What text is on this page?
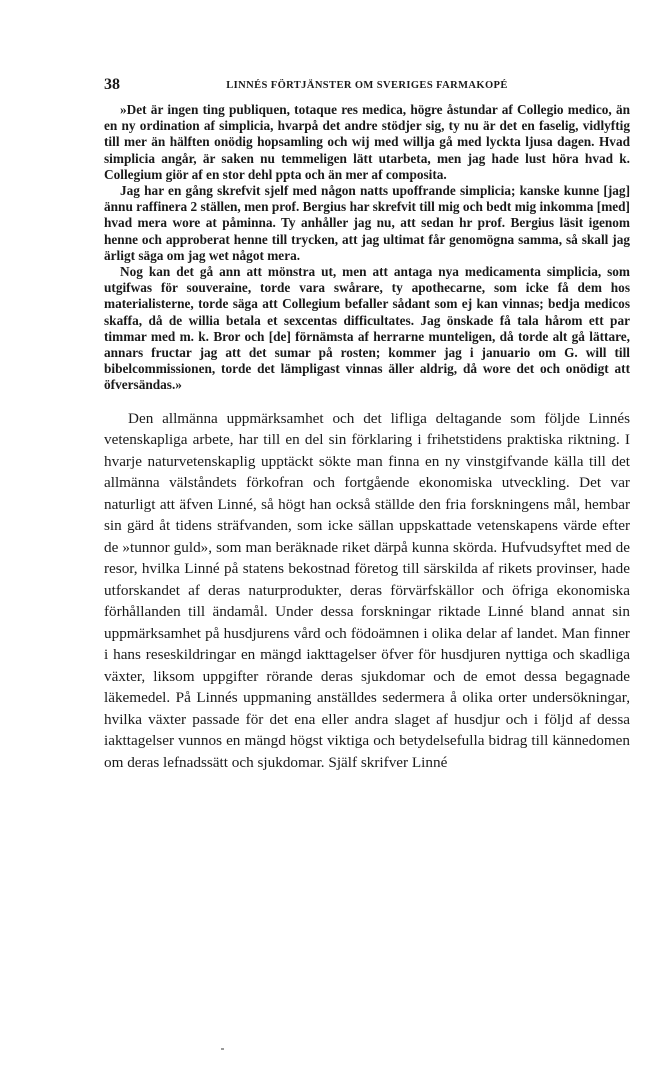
38	LINNÉS FÖRTJÄNSTER OM SVERIGES FARMAKOPÉ

»Det är ingen ting publiquen, totaque res medica, högre åstundar af Collegio medico, än en ny ordination af simplicia, hvarpå det andre stödjer sig, ty nu är det en faselig, vidlyftig till mer än hälften onödig hopsamling och wij med willja gå med lyckta ljusa dagen. Hvad simplicia angår, är saken nu temmeligen lätt utarbeta, men jag hade lust höra hvad k. Collegium giör af en stor dehl ppta och än mer af composita.

Jag har en gång skrefvit sjelf med någon natts upoffrande simplicia; kanske kunne [jag] ännu raffinera 2 ställen, men prof. Bergius har skrefvit till mig och bedt mig inkomma [med] hvad mera wore at påminna. Ty anhåller jag nu, att sedan hr prof. Bergius läsit igenom henne och approberat henne till trycken, att jag ultimat får genomögna samma, så skall jag ärligt säga om jag wet något mera.

Nog kan det gå ann att mönstra ut, men att antaga nya medicamenta simplicia, som utgifwas för souveraine, torde vara swårare, ty apothecarne, som icke få dem hos materialisterne, torde säga att Collegium befaller sådant som ej kan vinnas; bedja medicos skaffa, då de willia betala et sexcentas difficultates. Jag önskade få tala hårom ett par timmar med m. k. Bror och [de] förnämsta af herrarne munteligen, då torde alt gå lättare, annars fructar jag att det sumar på rosten; kommer jag i januario om G. will till bibelcommissionen, torde det lämpligast vinnas äller aldrig, då wore det och onödigt att öfversändas.»

Den allmänna uppmärksamhet och det lifliga deltagande som följde Linnés vetenskapliga arbete, har till en del sin förklaring i frihetstidens praktiska riktning. I hvarje naturvetenskaplig upptäckt sökte man finna en ny vinstgifvande källa till det allmänna välståndets förkofran och fortgående ekonomiska utveckling. Det var naturligt att äfven Linné, så högt han också ställde den fria forskningens mål, hembar sin gärd åt tidens sträfvanden, som icke sällan uppskattade vetenskapens värde efter de »tunnor guld», som man beräknade riket därpå kunna skörda. Hufvudsyftet med de resor, hvilka Linné på statens bekostnad företog till särskilda af rikets provinser, hade utforskandet af deras naturprodukter, deras förvärfskällor och öfriga ekonomiska förhållanden till ändamål. Under dessa forskningar riktade Linné bland annat sin uppmärksamhet på husdjurens vård och födoämnen i olika delar af landet. Man finner i hans reseskildringar en mängd iakttagelser öfver för husdjuren nyttiga och skadliga växter, liksom uppgifter rörande deras sjukdomar och de emot dessa begagnade läkemedel. På Linnés uppmaning anställdes sedermera å olika orter undersökningar, hvilka växter passade för det ena eller andra slaget af husdjur och i följd af dessa iakttagelser vunnos en mängd högst viktiga och betydelsefulla bidrag till kännedomen om deras lefnadssätt och sjukdomar. Själf skrifver Linné
